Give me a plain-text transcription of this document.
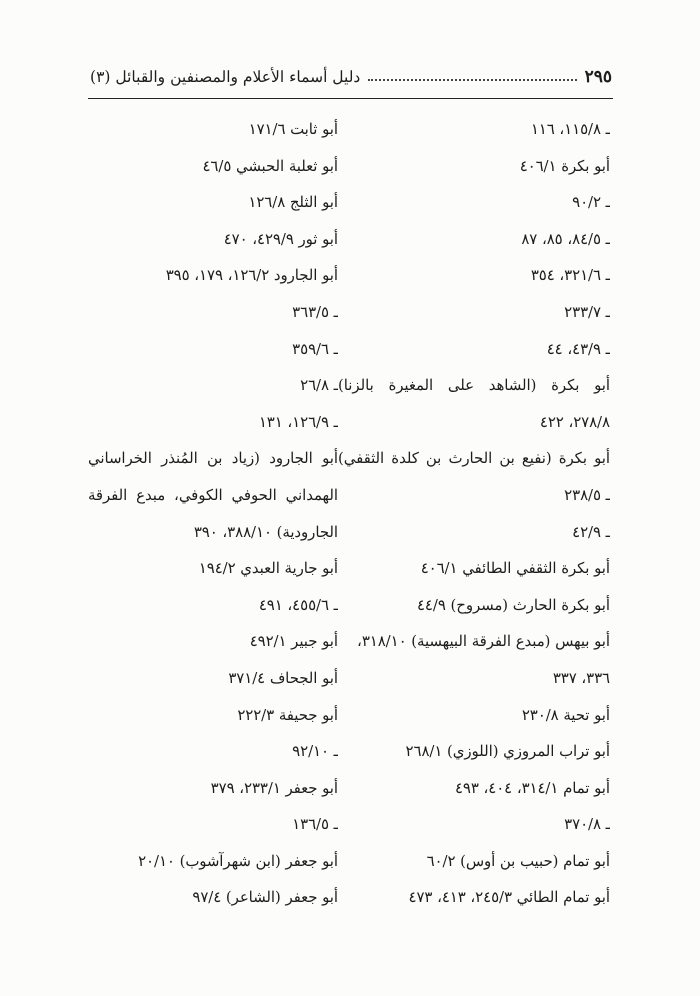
دليل أسماء الأعلام والمصنفين والقبائل (٣)	٢٩٥
ـ ١١٥/٨، ١١٦
أبو بكرة ٤٠٦/١
ـ ٩٠/٢
ـ ٨٤/٥، ٨٥، ٨٧
ـ ٣٢١/٦، ٣٥٤
ـ ٢٣٣/٧
ـ ٤٣/٩، ٤٤
أبو بكرة (الشاهد على المغيرة بالزنا)
٢٧٨/٨، ٤٢٢
أبو بكرة (نفيع بن الحارث بن كلدة الثقفي)
ـ ٢٣٨/٥
ـ ٤٢/٩
أبو بكرة الثقفي الطائفي ٤٠٦/١
أبو بكرة الحارث (مسروح) ٤٤/٩
أبو بيهس (مبدع الفرقة البيهسية) ٣١٨/١٠،
٣٣٦، ٣٣٧
أبو تحية ٢٣٠/٨
أبو تراب المروزي (اللوزي) ٢٦٨/١
أبو تمام ٣١٤/١، ٤٠٤، ٤٩٣
ـ ٣٧٠/٨
أبو تمام (حبيب بن أوس) ٦٠/٢
أبو تمام الطائي ٢٤٥/٣، ٤١٣، ٤٧٣
أبو ثابت ١٧١/٦
أبو ثعلبة الحبشي ٤٦/٥
أبو الثلج ١٢٦/٨
أبو ثور ٤٢٩/٩، ٤٧٠
أبو الجارود ١٢٦/٢، ١٧٩، ٣٩٥
ـ ٣٦٣/٥
ـ ٣٥٩/٦
ـ ٢٦/٨
ـ ١٢٦/٩، ١٣١
أبو الجارود (زياد بن المُنذر الخراساني
الهمداني الحوفي الكوفي، مبدع الفرقة
الجارودية) ٣٨٨/١٠، ٣٩٠
أبو جارية العبدي ١٩٤/٢
ـ ٤٥٥/٦، ٤٩١
أبو جبير ٤٩٢/١
أبو الجحاف ٣٧١/٤
أبو جحيفة ٢٢٢/٣
ـ ٩٢/١٠
أبو جعفر ٢٣٣/١، ٣٧٩
ـ ١٣٦/٥
أبو جعفر (ابن شهرآشوب) ٢٠/١٠
أبو جعفر (الشاعر) ٩٧/٤
